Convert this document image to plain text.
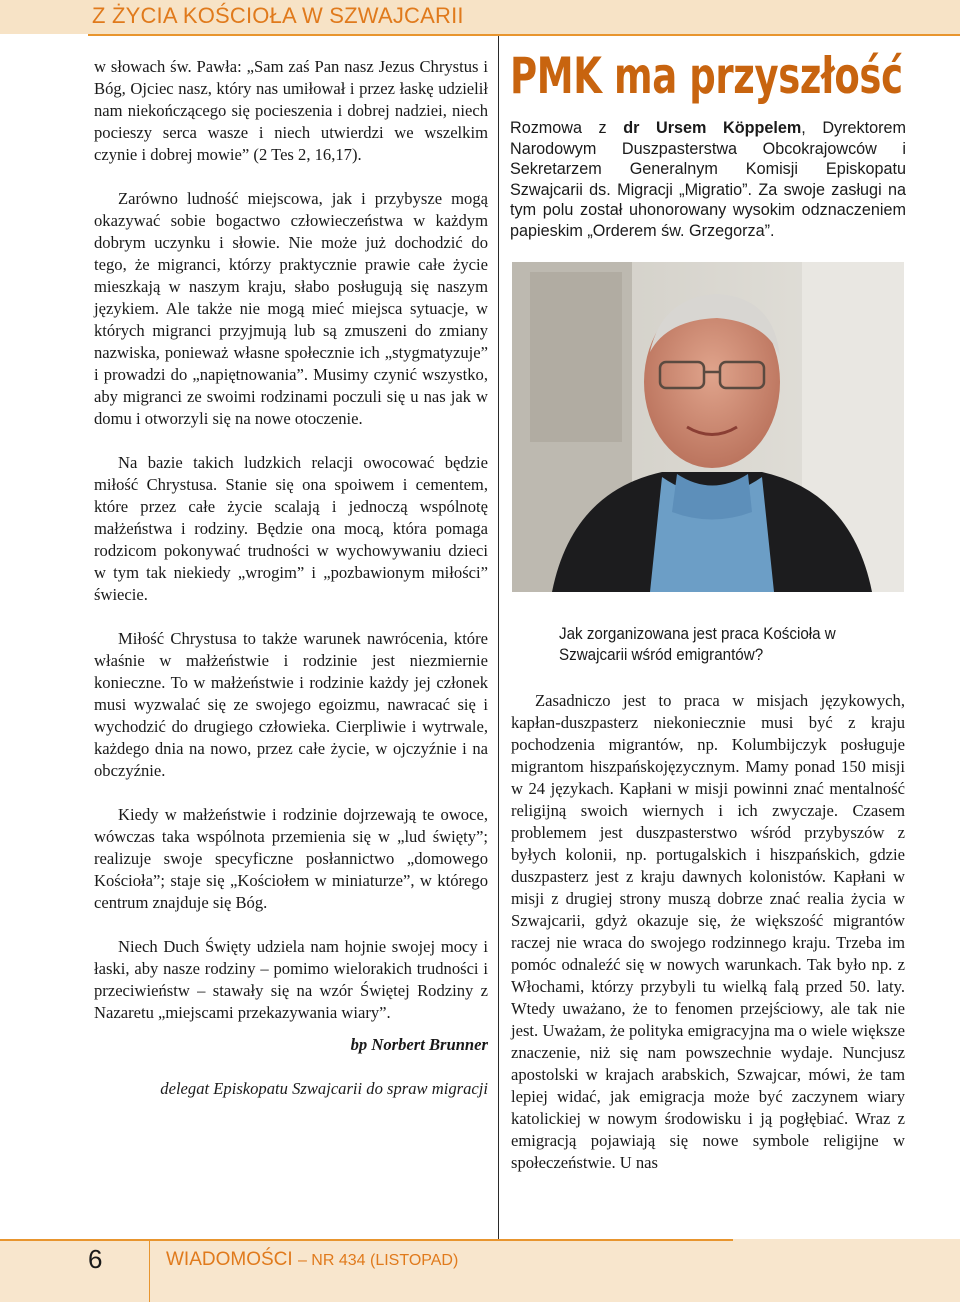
Z ŻYCIA KOŚCIOŁA W SZWAJCARII

w słowach św. Pawła: „Sam zaś Pan nasz Jezus Chrystus i Bóg, Ojciec nasz, który nas umiłował i przez łaskę udzielił nam niekończącego się pocieszenia i dobrej nadziei, niech pocieszy serca wasze i niech utwierdzi we wszelkim czynie i dobrej mowie” (2 Tes 2, 16,17).

Zarówno ludność miejscowa, jak i przybysze mogą okazywać sobie bogactwo człowieczeństwa w każdym dobrym uczynku i słowie. Nie może już dochodzić do tego, że migranci, którzy praktycznie prawie całe życie mieszkają w naszym kraju, słabo posługują się naszym językiem. Ale także nie mogą mieć miejsca sytuacje, w których migranci przyjmują lub są zmuszeni do zmiany nazwiska, ponieważ własne społecznie ich „stygmatyzuje” i prowadzi do „napiętnowania”. Musimy czynić wszystko, aby migranci ze swoimi rodzinami poczuli się u nas jak w domu i otworzyli się na nowe otoczenie.

Na bazie takich ludzkich relacji owocować będzie miłość Chrystusa. Stanie się ona spoiwem i cementem, które przez całe życie scalają i jednoczą wspólnotę małżeństwa i rodziny. Będzie ona mocą, która pomaga rodzicom pokonywać trudności w wychowywaniu dzieci w tym tak niekiedy „wrogim” i „pozbawionym miłości” świecie.

Miłość Chrystusa to także warunek nawrócenia, które właśnie w małżeństwie i rodzinie jest niezmiernie konieczne. To w małżeństwie i rodzinie każdy jej członek musi wyzwalać się ze swojego egoizmu, nawracać się i wychodzić do drugiego człowieka. Cierpliwie i wytrwale, każdego dnia na nowo, przez całe życie, w ojczyźnie i na obczyźnie.

Kiedy w małżeństwie i rodzinie dojrzewają te owoce, wówczas taka wspólnota przemienia się w „lud święty”; realizuje swoje specyficzne posłannictwo „domowego Kościoła”; staje się „Kościołem w miniaturze”, w którego centrum znajduje się Bóg.

Niech Duch Święty udziela nam hojnie swojej mocy i łaski, aby nasze rodziny – pomimo wielorakich trudności i przeciwieństw – stawały się na wzór Świętej Rodziny z Nazaretu „miejscami przekazywania wiary”.

bp Norbert Brunner

delegat Episkopatu Szwajcarii do spraw migracji

PMK ma przyszłość

Rozmowa z dr Ursem Köppelem, Dyrektorem Narodowym Duszpasterstwa Obcokrajowców i Sekretarzem Generalnym Komisji Episkopatu Szwajcarii ds. Migracji „Migratio”. Za swoje zasługi na tym polu został uhonorowany wysokim odznaczeniem papieskim „Orderem św. Grzegorza”.

Jak zorganizowana jest praca Kościoła w Szwajcarii wśród emigrantów?

Zasadniczo jest to praca w misjach językowych, kapłan-duszpasterz niekoniecznie musi być z kraju pochodzenia migrantów, np. Kolumbijczyk posługuje migrantom hiszpańskojęzycznym. Mamy ponad 150 misji w 24 językach. Kapłani w misji powinni znać mentalność religijną swoich wiernych i ich zwyczaje. Czasem problemem jest duszpasterstwo wśród przybyszów z byłych kolonii, np. portugalskich i hiszpańskich, gdzie duszpasterz jest z kraju dawnych kolonistów. Kapłani w misji z drugiej strony muszą dobrze znać realia życia w Szwajcarii, gdyż okazuje się, że większość migrantów raczej nie wraca do swojego rodzinnego kraju. Trzeba im pomóc odnaleźć się w nowych warunkach. Tak było np. z Włochami, którzy przybyli tu wielką falą przed 50. laty. Wtedy uważano, że to fenomen przejściowy, ale tak nie jest. Uważam, że polityka emigracyjna ma o wiele większe znaczenie, niż się nam powszechnie wydaje. Nuncjusz apostolski w krajach arabskich, Szwajcar, mówi, że tam lepiej widać, jak emigracja może być zaczynem wiary katolickiej w nowym środowisku i ją pogłębiać. Wraz z emigracją pojawiają się nowe symbole religijne w społeczeństwie. U nas

6	WIADOMOŚCI – NR 434 (LISTOPAD)
